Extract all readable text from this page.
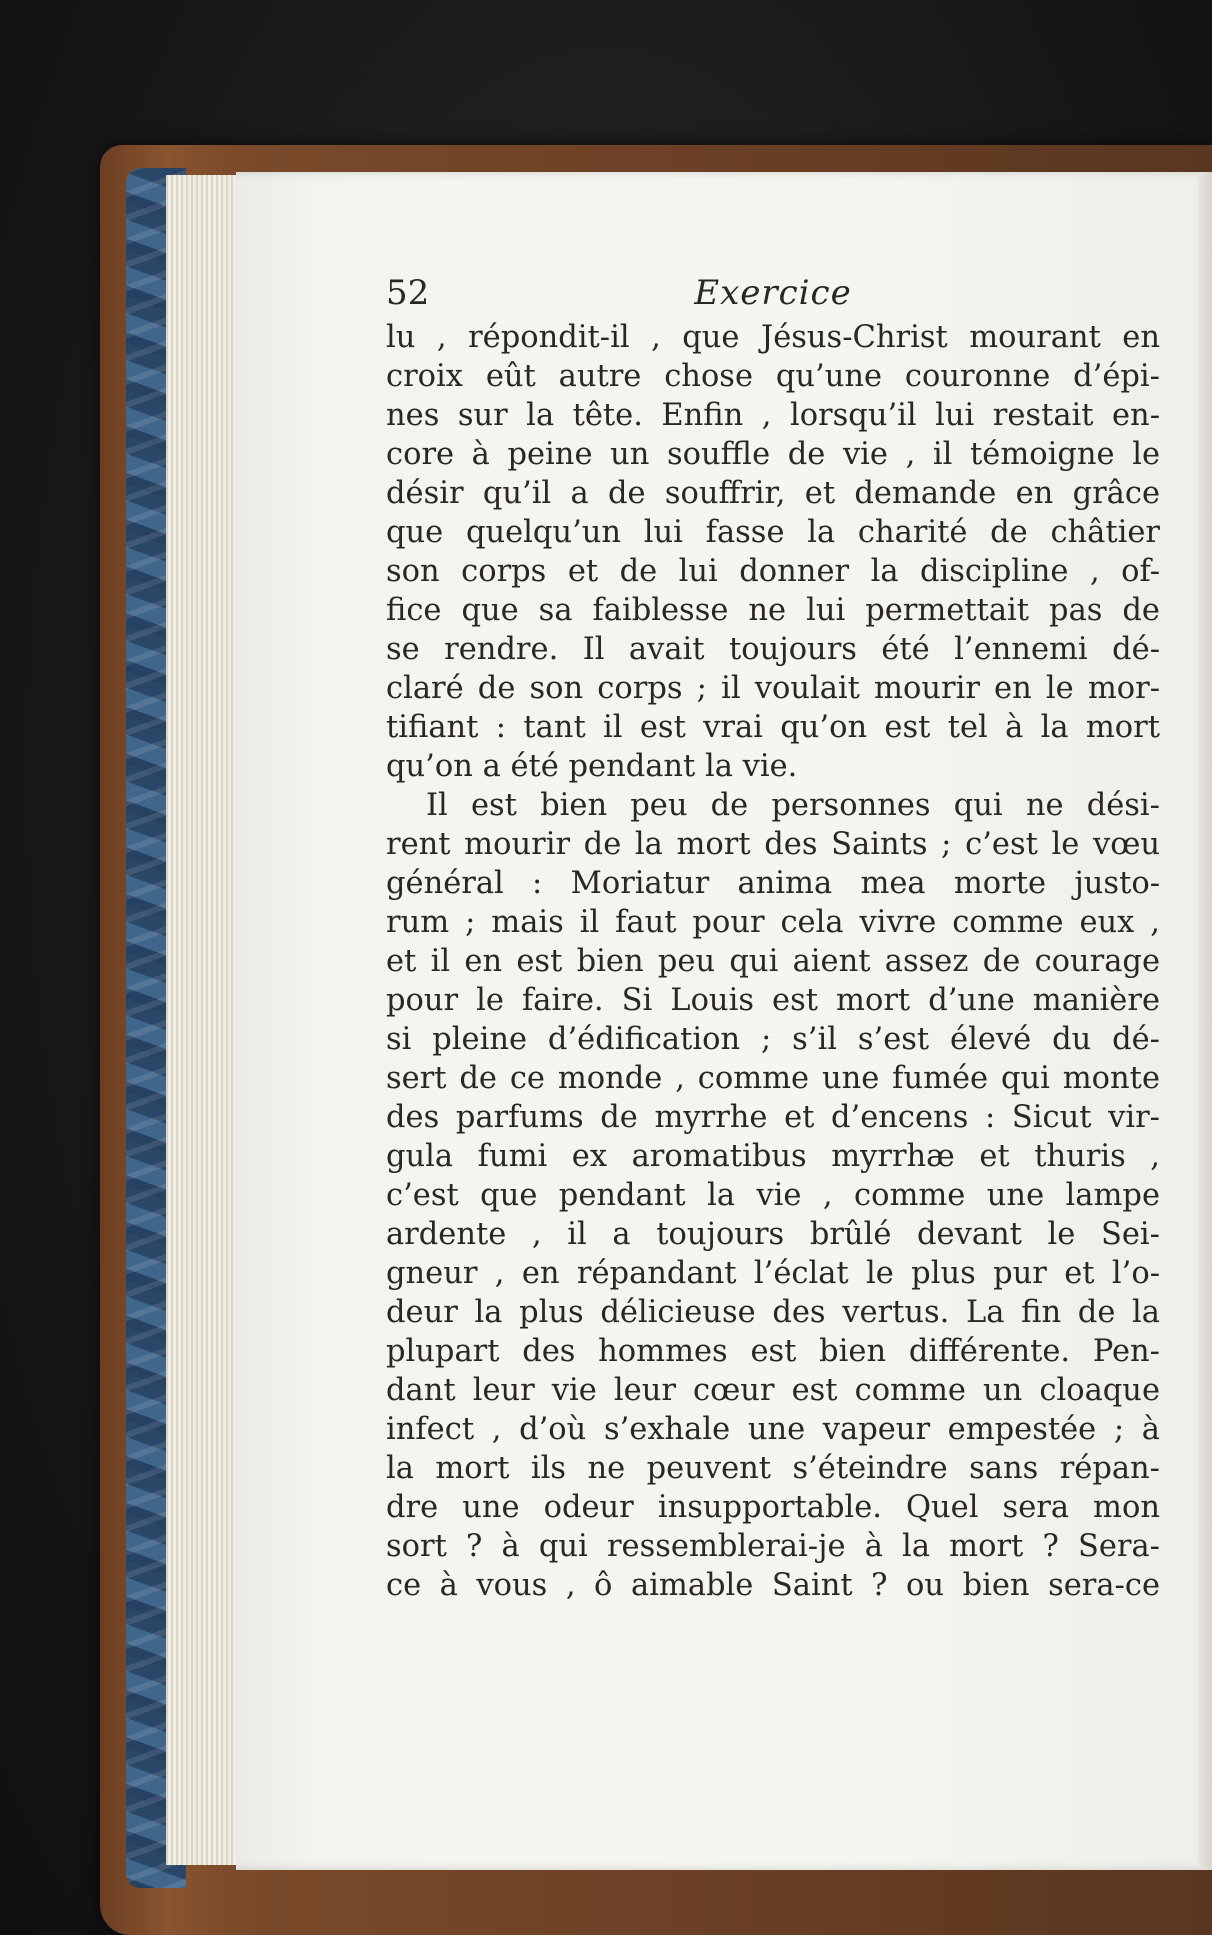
52	Exercice
lu , répondit-il , que Jésus-Christ mourant en
croix eût autre chose qu’une couronne d’épi-
nes sur la tête. Enfin , lorsqu’il lui restait en-
core à peine un souffle de vie , il témoigne le
désir qu’il a de souffrir, et demande en grâce
que quelqu’un lui fasse la charité de châtier
son corps et de lui donner la discipline , of-
fice que sa faiblesse ne lui permettait pas de
se rendre. Il avait toujours été l’ennemi dé-
claré de son corps ; il voulait mourir en le mor-
tifiant : tant il est vrai qu’on est tel à la mort
qu’on a été pendant la vie.
Il est bien peu de personnes qui ne dési-
rent mourir de la mort des Saints ; c’est le vœu
général : Moriatur anima mea morte justo-
rum ; mais il faut pour cela vivre comme eux ,
et il en est bien peu qui aient assez de courage
pour le faire. Si Louis est mort d’une manière
si pleine d’édification ; s’il s’est élevé du dé-
sert de ce monde , comme une fumée qui monte
des parfums de myrrhe et d’encens : Sicut vir-
gula fumi ex aromatibus myrrhæ et thuris ,
c’est que pendant la vie , comme une lampe
ardente , il a toujours brûlé devant le Sei-
gneur , en répandant l’éclat le plus pur et l’o-
deur la plus délicieuse des vertus. La fin de la
plupart des hommes est bien différente. Pen-
dant leur vie leur cœur est comme un cloaque
infect , d’où s’exhale une vapeur empestée ; à
la mort ils ne peuvent s’éteindre sans répan-
dre une odeur insupportable. Quel sera mon
sort ? à qui ressemblerai-je à la mort ? Sera-
ce à vous , ô aimable Saint ? ou bien sera-ce
